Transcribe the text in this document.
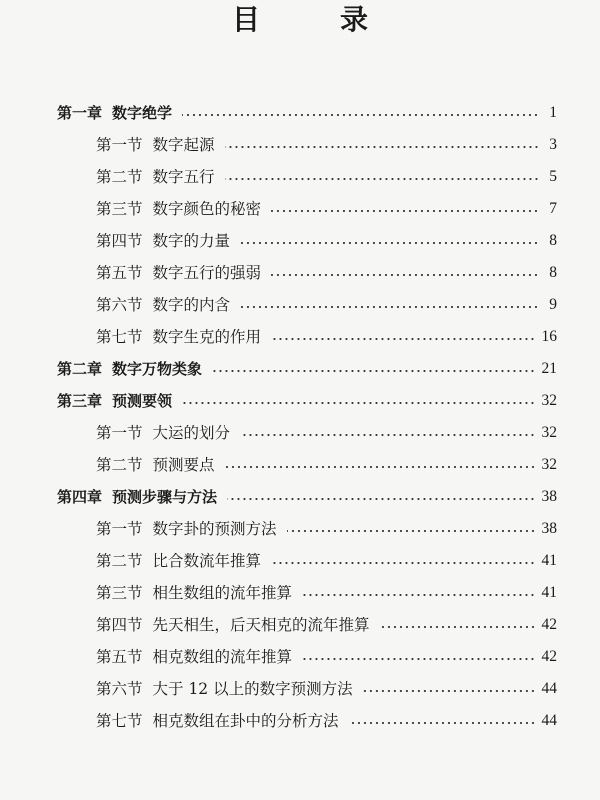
目　录
第一章 数字绝学	1
第一节 数字起源	3
第二节 数字五行	5
第三节 数字颜色的秘密	7
第四节 数字的力量	8
第五节 数字五行的强弱	8
第六节 数字的内含	9
第七节 数字生克的作用	16
第二章 数字万物类象	21
第三章 预测要领	32
第一节 大运的划分	32
第二节 预测要点	32
第四章 预测步骤与方法	38
第一节 数字卦的预测方法	38
第二节 比合数流年推算	41
第三节 相生数组的流年推算	41
第四节 先天相生，后天相克的流年推算	42
第五节 相克数组的流年推算	42
第六节 大于 12 以上的数字预测方法	44
第七节 相克数组在卦中的分析方法	44
